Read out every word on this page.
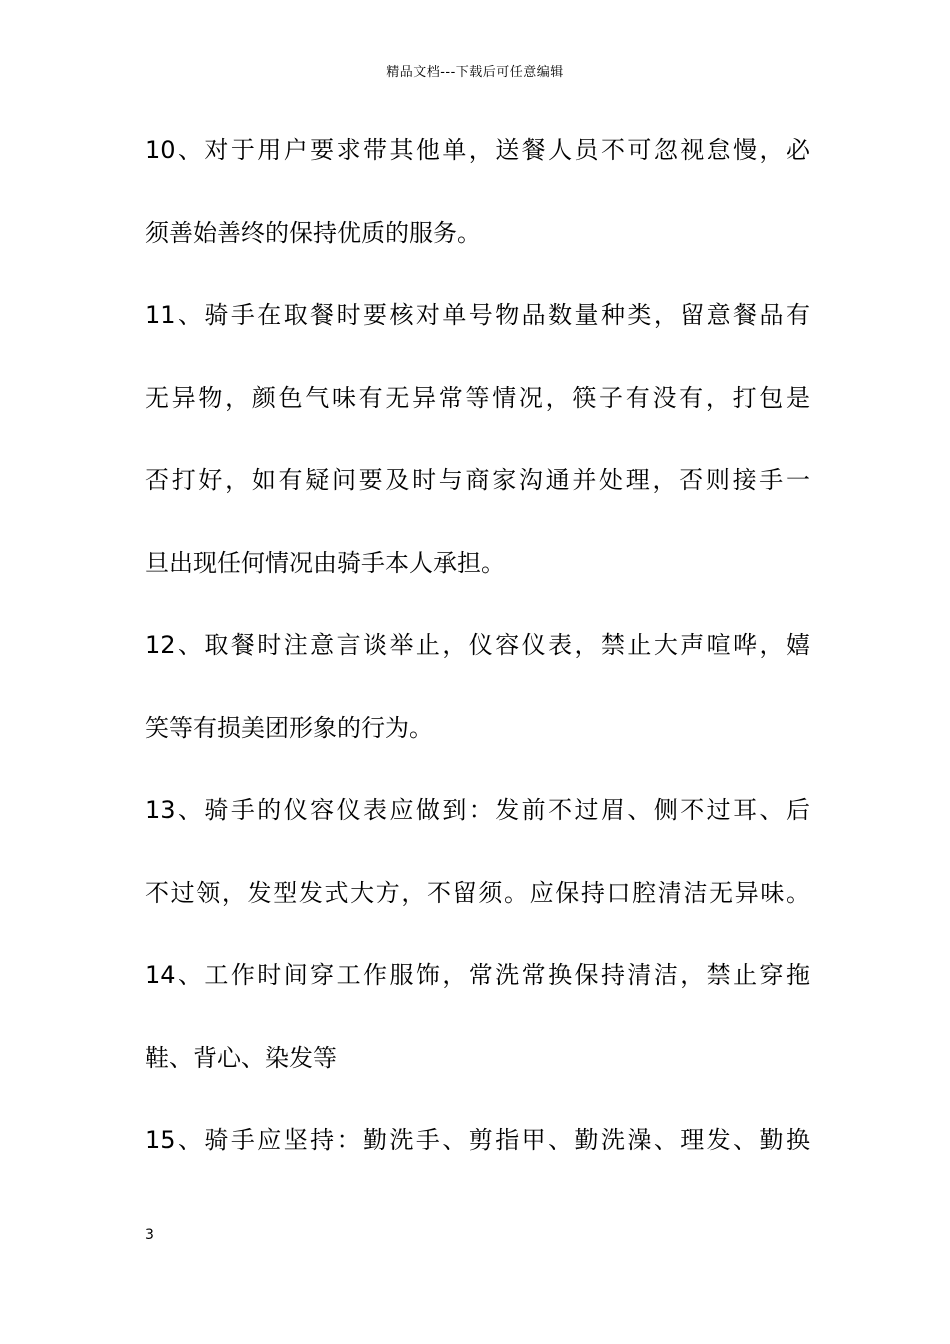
精品文档---下载后可任意编辑
10、对于用户要求带其他单，送餐人员不可忽视怠慢，必
须善始善终的保持优质的服务。
11、骑手在取餐时要核对单号物品数量种类，留意餐品有
无异物，颜色气味有无异常等情况，筷子有没有，打包是
否打好，如有疑问要及时与商家沟通并处理，否则接手一
旦出现任何情况由骑手本人承担。
12、取餐时注意言谈举止，仪容仪表，禁止大声喧哗，嬉
笑等有损美团形象的行为。
13、骑手的仪容仪表应做到：发前不过眉、侧不过耳、后
不过领，发型发式大方，不留须。应保持口腔清洁无异味。
14、工作时间穿工作服饰，常洗常换保持清洁，禁止穿拖
鞋、背心、染发等
15、骑手应坚持：勤洗手、剪指甲、勤洗澡、理发、勤换
3
